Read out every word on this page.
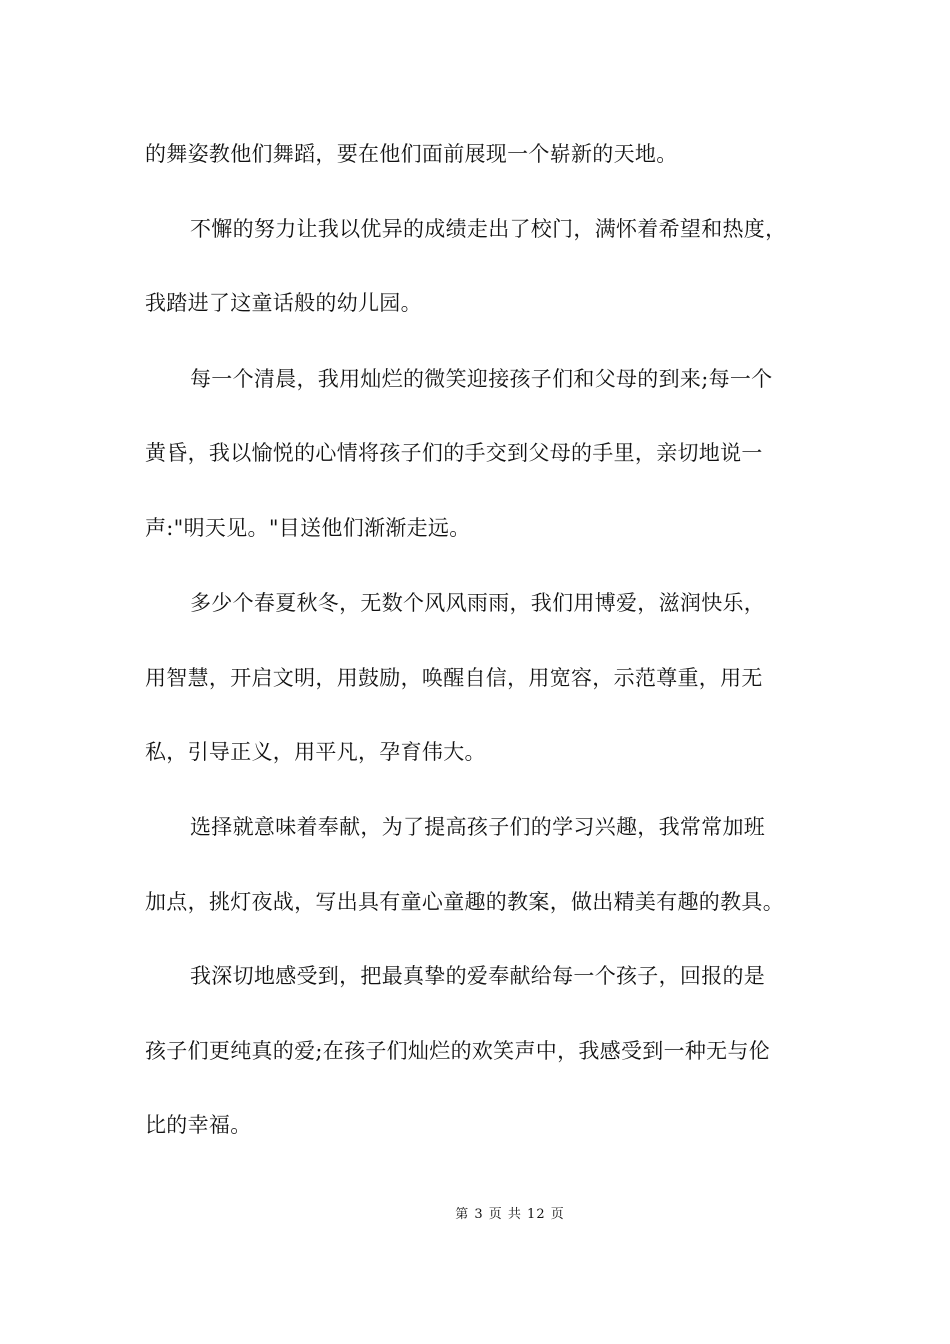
的舞姿教他们舞蹈，要在他们面前展现一个崭新的天地。
不懈的努力让我以优异的成绩走出了校门，满怀着希望和热度，
我踏进了这童话般的幼儿园。
每一个清晨，我用灿烂的微笑迎接孩子们和父母的到来;每一个
黄昏，我以愉悦的心情将孩子们的手交到父母的手里，亲切地说一
声:"明天见。"目送他们渐渐走远。
多少个春夏秋冬，无数个风风雨雨，我们用博爱，滋润快乐，
用智慧，开启文明，用鼓励，唤醒自信，用宽容，示范尊重，用无
私，引导正义，用平凡，孕育伟大。
选择就意味着奉献，为了提高孩子们的学习兴趣，我常常加班
加点，挑灯夜战，写出具有童心童趣的教案，做出精美有趣的教具。
我深切地感受到，把最真挚的爱奉献给每一个孩子，回报的是
孩子们更纯真的爱;在孩子们灿烂的欢笑声中，我感受到一种无与伦
比的幸福。
第 3 页 共 12 页
